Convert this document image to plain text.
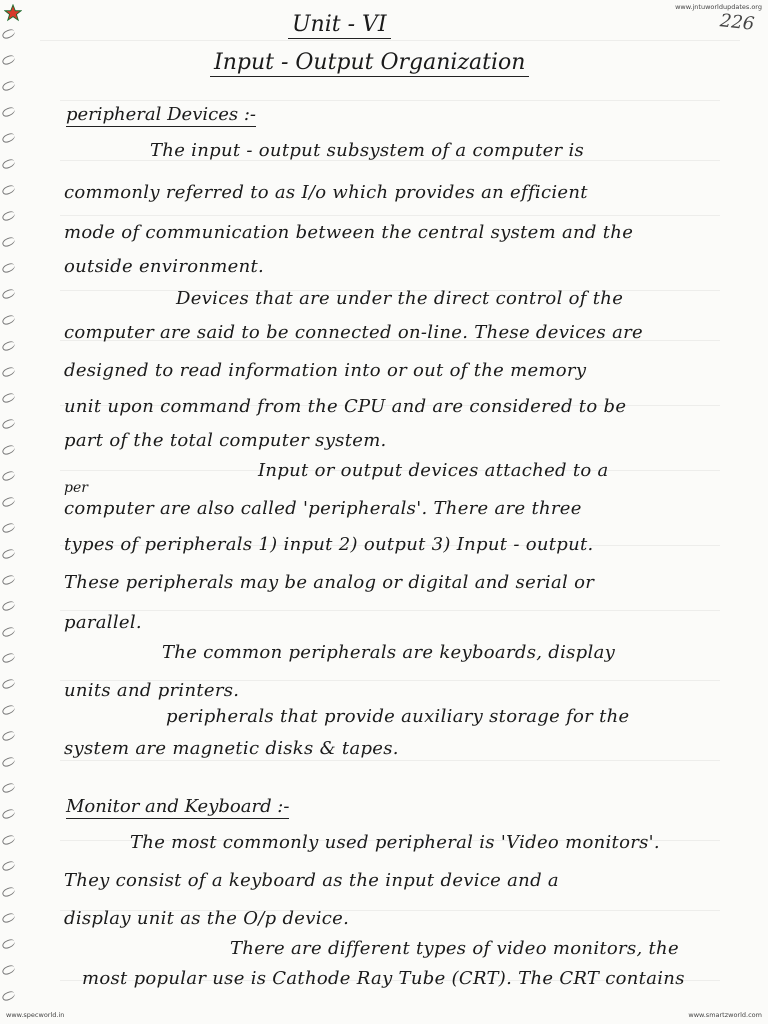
www.jntuworldupdates.org
www.specworld.in	www.smartzworld.com
226
Unit - VI
Input - Output Organization
peripheral Devices :-
The input - output subsystem of a computer is
commonly referred to as I/o which provides an efficient
mode of communication between the central system and the
outside environment.
Devices that are under the direct control of the
computer are said to be connected on-line. These devices are
designed to read information into or out of the memory
unit upon command from the CPU and are considered to be
part of the total computer system.
Input or output devices attached to a
per
computer are also called 'peripherals'. There are three
types of peripherals 1) input 2) output 3) Input - output.
These peripherals may be analog or digital and serial or
parallel.
The common peripherals are keyboards, display
units and printers.
peripherals that provide auxiliary storage for the
system are magnetic disks & tapes.
Monitor and Keyboard :-
The most commonly used peripheral is 'Video monitors'.
They consist of a keyboard as the input device and a
display unit as the O/p device.
There are different types of video monitors, the
most popular use is Cathode Ray Tube (CRT). The CRT contains
